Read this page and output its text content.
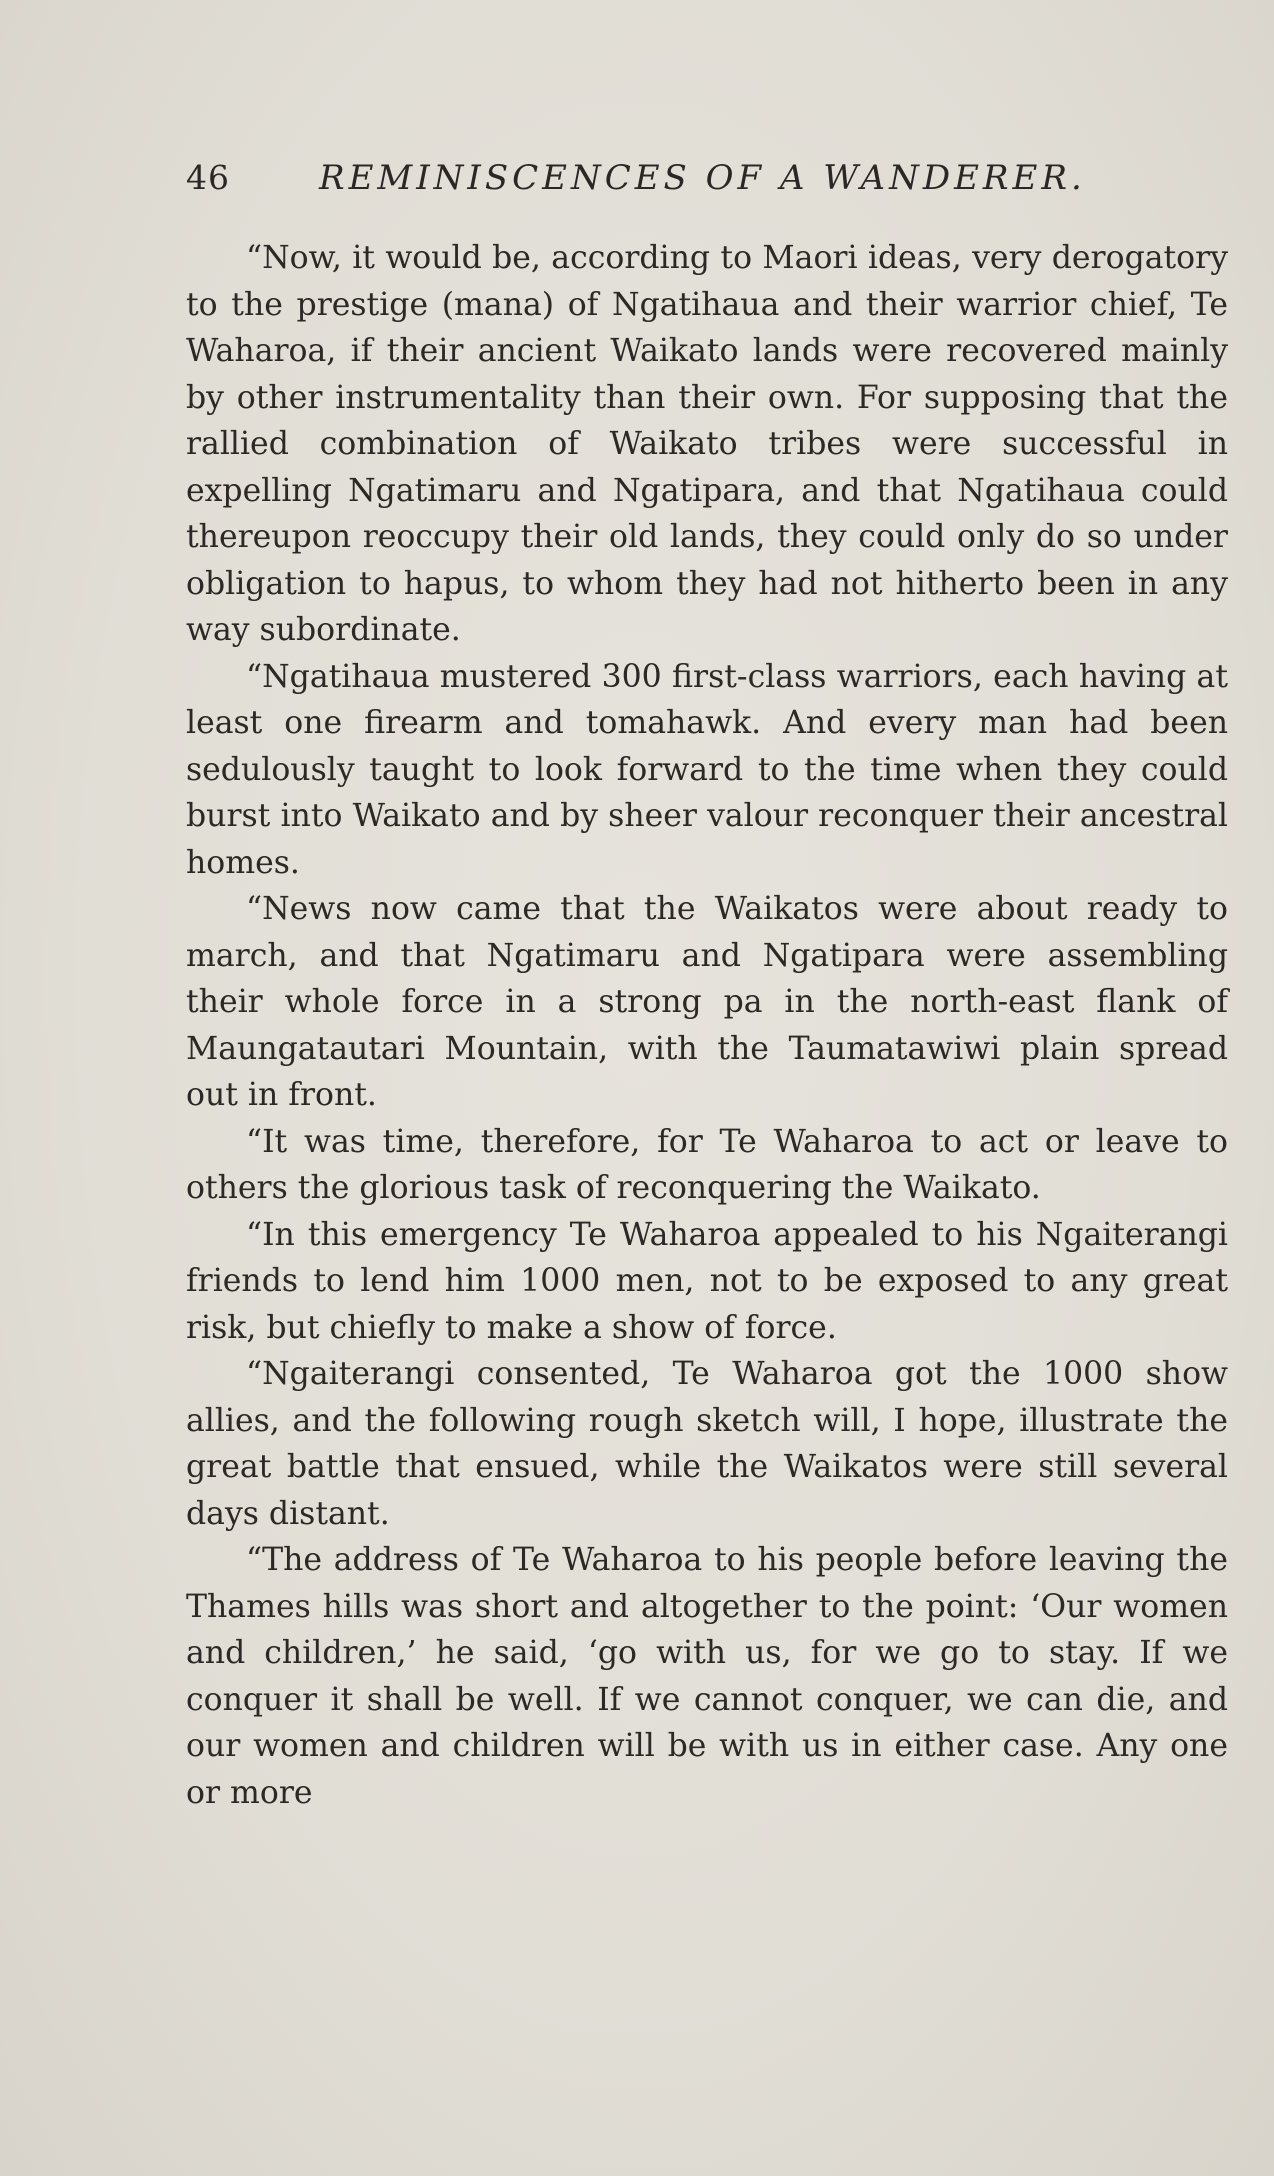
46	REMINISCENCES OF A WANDERER.

“Now, it would be, according to Maori ideas, very derogatory to the prestige (mana) of Ngatihaua and their warrior chief, Te Waharoa, if their ancient Waikato lands were recovered mainly by other instrumentality than their own. For supposing that the rallied combination of Waikato tribes were successful in expelling Ngatimaru and Ngatipara, and that Ngatihaua could thereupon reoccupy their old lands, they could only do so under obligation to hapus, to whom they had not hitherto been in any way subordinate.

“Ngatihaua mustered 300 first-class warriors, each having at least one firearm and tomahawk. And every man had been sedulously taught to look forward to the time when they could burst into Waikato and by sheer valour reconquer their ancestral homes.

“News now came that the Waikatos were about ready to march, and that Ngatimaru and Ngatipara were assembling their whole force in a strong pa in the north-east flank of Maungatautari Mountain, with the Taumatawiwi plain spread out in front.

“It was time, therefore, for Te Waharoa to act or leave to others the glorious task of reconquering the Waikato.

“In this emergency Te Waharoa appealed to his Ngaiterangi friends to lend him 1000 men, not to be exposed to any great risk, but chiefly to make a show of force.

“Ngaiterangi consented, Te Waharoa got the 1000 show allies, and the following rough sketch will, I hope, illustrate the great battle that ensued, while the Waikatos were still several days distant.

“The address of Te Waharoa to his people before leaving the Thames hills was short and altogether to the point: ‘Our women and children,’ he said, ‘go with us, for we go to stay. If we conquer it shall be well. If we cannot conquer, we can die, and our women and children will be with us in either case. Any one or more
